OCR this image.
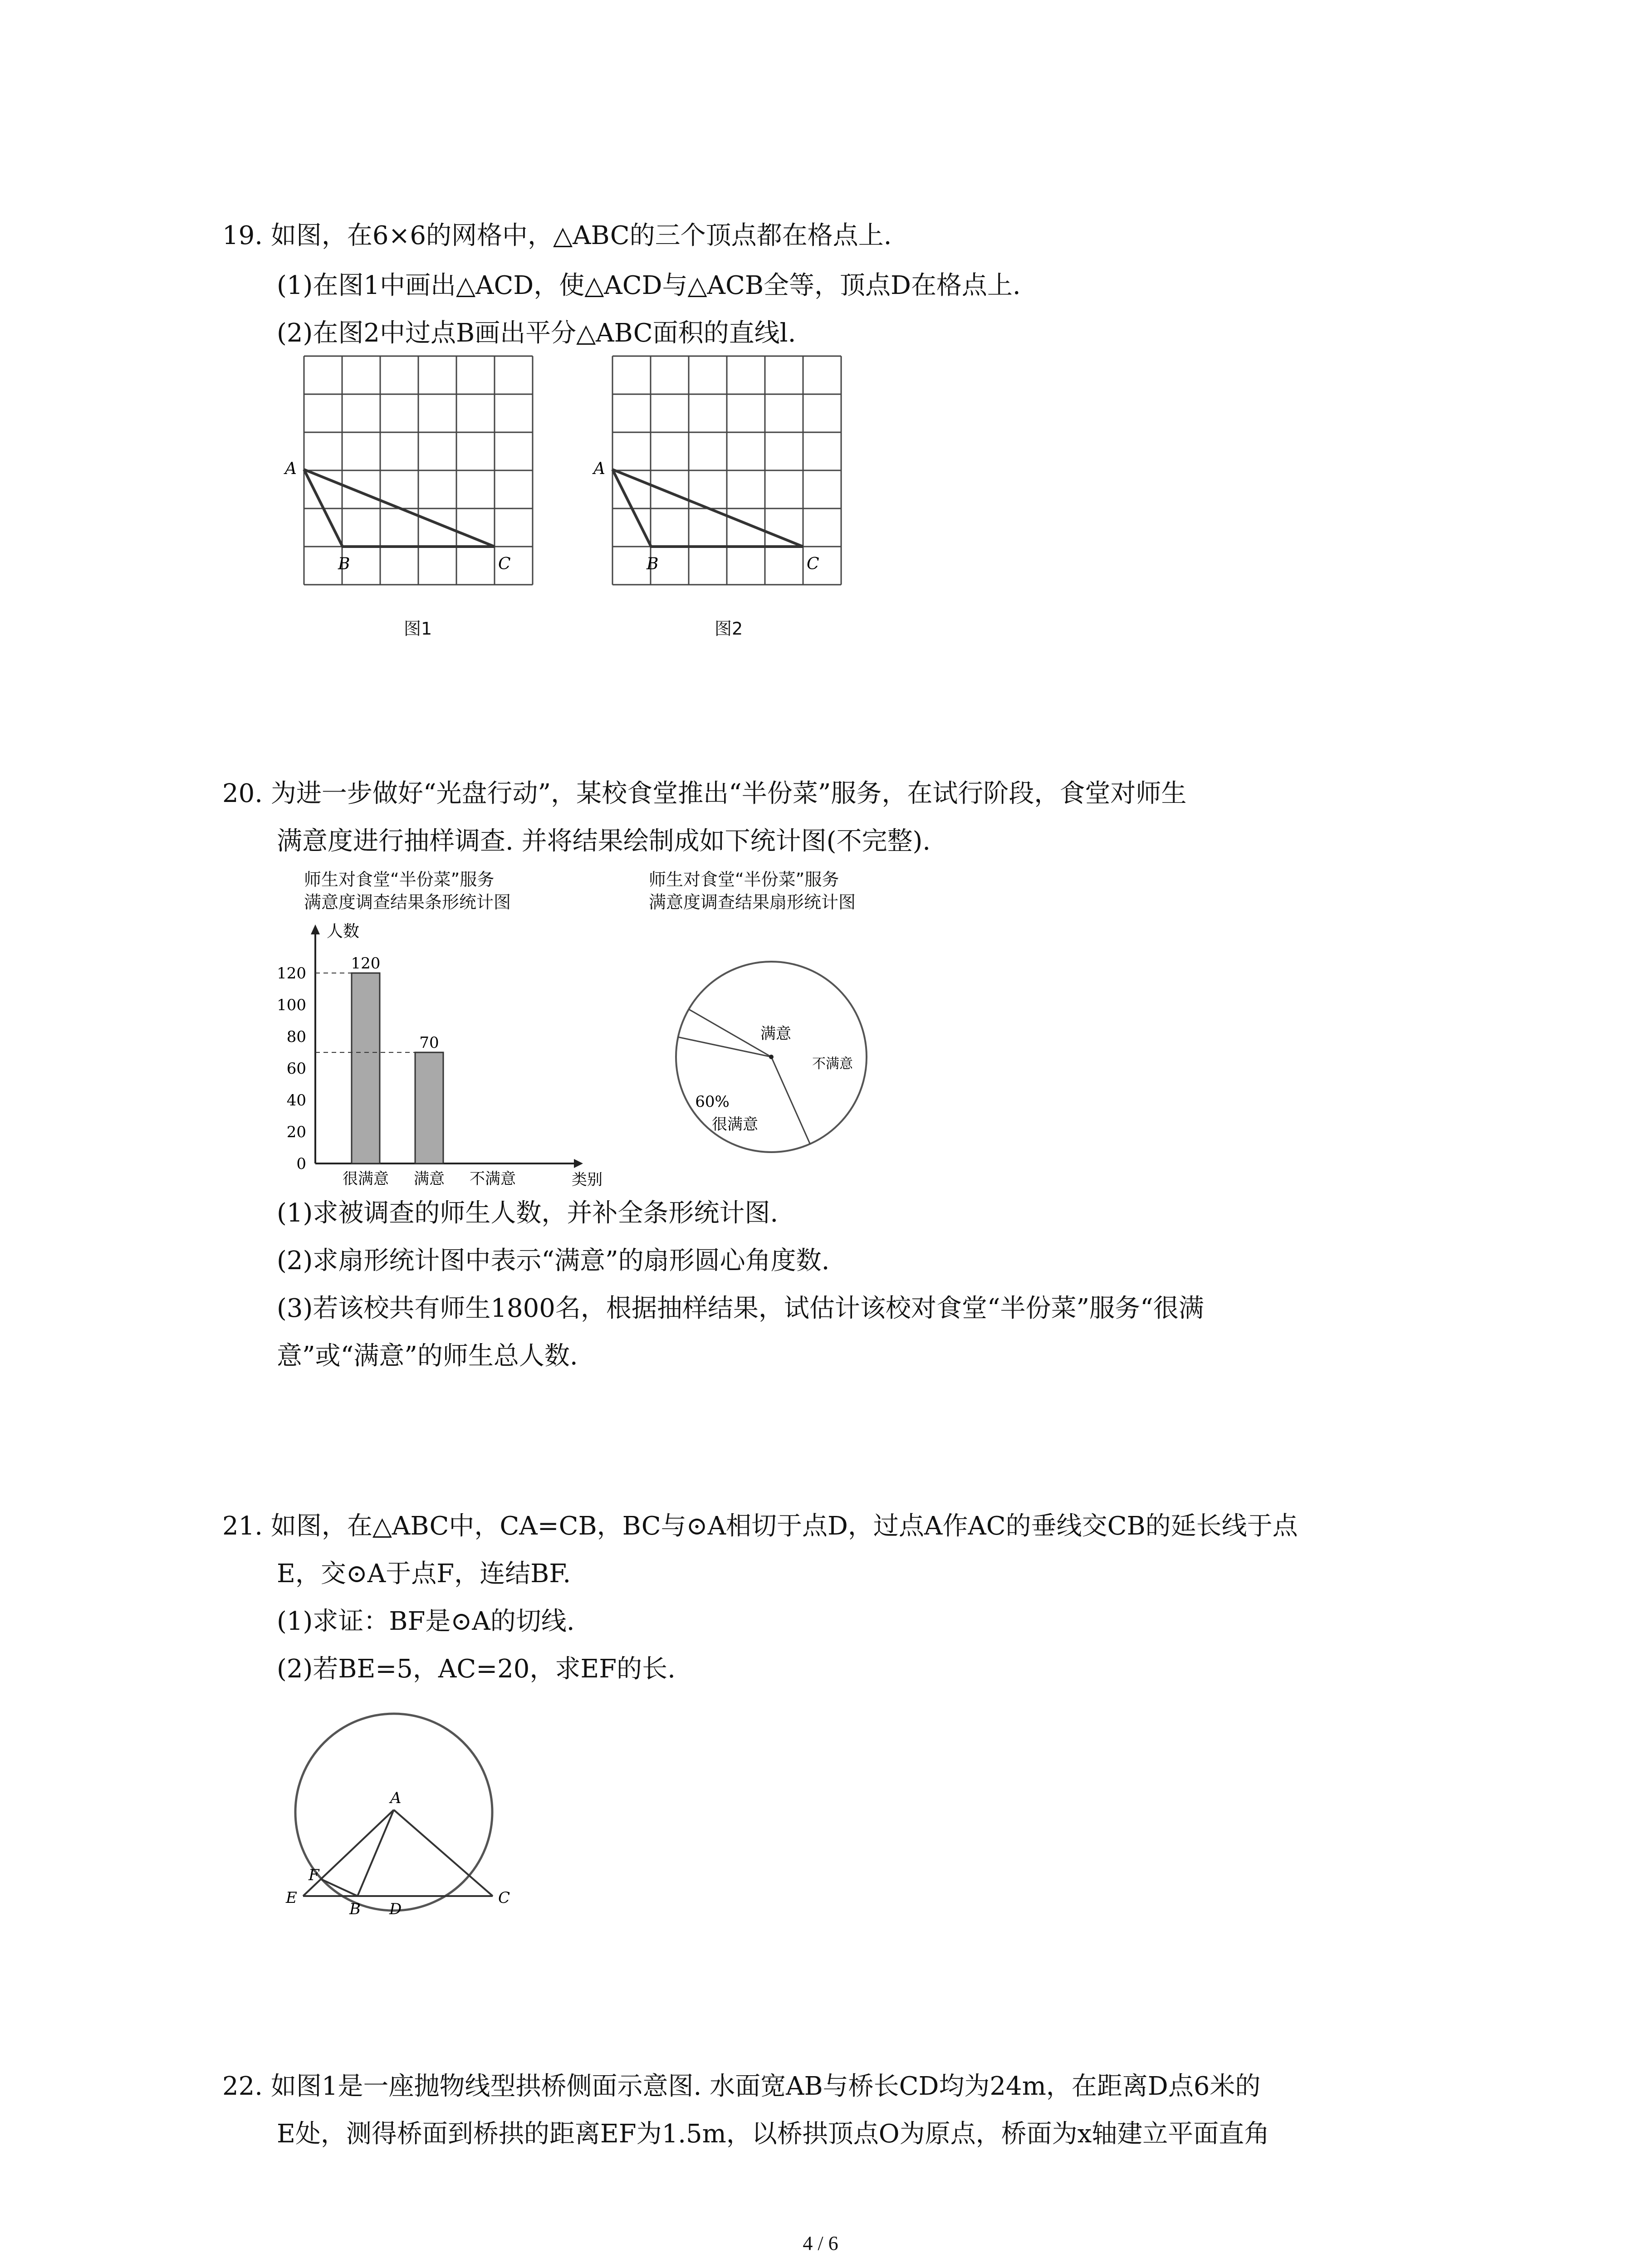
19. 如图，在6×6的网格中，△ABC的三个顶点都在格点上.
(1)在图1中画出△ACD，使△ACD与△ACB全等，顶点D在格点上.
(2)在图2中过点B画出平分△ABC面积的直线l.
A
B	C
图1
A
B	C
图2
20. 为进一步做好“光盘行动”，某校食堂推出“半份菜”服务，在试行阶段，食堂对师生
满意度进行抽样调查. 并将结果绘制成如下统计图(不完整).
师生对食堂“半份菜”服务
满意度调查结果条形统计图
师生对食堂“半份菜”服务
满意度调查结果扇形统计图
人数
类别
0
20
40
60
80
100
120
很满意
120
满意
70
不满意
满意
60%
很满意
不满意
(1)求被调查的师生人数，并补全条形统计图.
(2)求扇形统计图中表示“满意”的扇形圆心角度数.
(3)若该校共有师生1800名，根据抽样结果，试估计该校对食堂“半份菜”服务“很满
意”或“满意”的师生总人数.
21. 如图，在△ABC中，CA=CB，BC与⊙A相切于点D，过点A作AC的垂线交CB的延长线于点
E，交⊙A于点F，连结BF.
(1)求证：BF是⊙A的切线.
(2)若BE=5，AC=20，求EF的长.
A
F
E
B D
C
22. 如图1是一座抛物线型拱桥侧面示意图. 水面宽AB与桥长CD均为24m，在距离D点6米的
E处，测得桥面到桥拱的距离EF为1.5m，以桥拱顶点O为原点，桥面为x轴建立平面直角
4 / 6
